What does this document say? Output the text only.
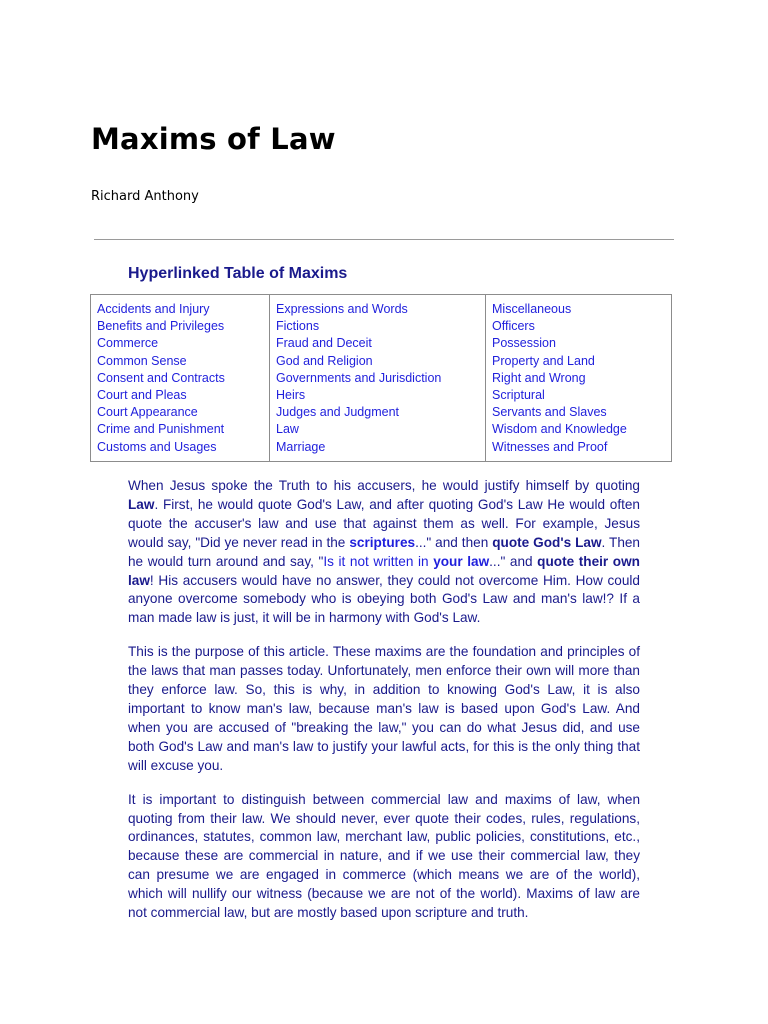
Maxims of Law

Richard Anthony

Hyperlinked Table of Maxims
Accidents and Injury
Benefits and Privileges
Commerce
Common Sense
Consent and Contracts
Court and Pleas
Court Appearance
Crime and Punishment
Customs and Usages
Expressions and Words
Fictions
Fraud and Deceit
God and Religion
Governments and Jurisdiction
Heirs
Judges and Judgment
Law
Marriage
Miscellaneous
Officers
Possession
Property and Land
Right and Wrong
Scriptural
Servants and Slaves
Wisdom and Knowledge
Witnesses and Proof

When Jesus spoke the Truth to his accusers, he would justify himself by quoting Law. First, he would quote God's Law, and after quoting God's Law He would often quote the accuser's law and use that against them as well. For example, Jesus would say, "Did ye never read in the scriptures..." and then quote God's Law. Then he would turn around and say, "Is it not written in your law..." and quote their own law! His accusers would have no answer, they could not overcome Him. How could anyone overcome somebody who is obeying both God's Law and man's law!? If a man made law is just, it will be in harmony with God's Law.

This is the purpose of this article. These maxims are the foundation and principles of the laws that man passes today. Unfortunately, men enforce their own will more than they enforce law. So, this is why, in addition to knowing God's Law, it is also important to know man's law, because man's law is based upon God's Law. And when you are accused of "breaking the law," you can do what Jesus did, and use both God's Law and man's law to justify your lawful acts, for this is the only thing that will excuse you.

It is important to distinguish between commercial law and maxims of law, when quoting from their law. We should never, ever quote their codes, rules, regulations, ordinances, statutes, common law, merchant law, public policies, constitutions, etc., because these are commercial in nature, and if we use their commercial law, they can presume we are engaged in commerce (which means we are of the world), which will nullify our witness (because we are not of the world). Maxims of law are not commercial law, but are mostly based upon scripture and truth.
